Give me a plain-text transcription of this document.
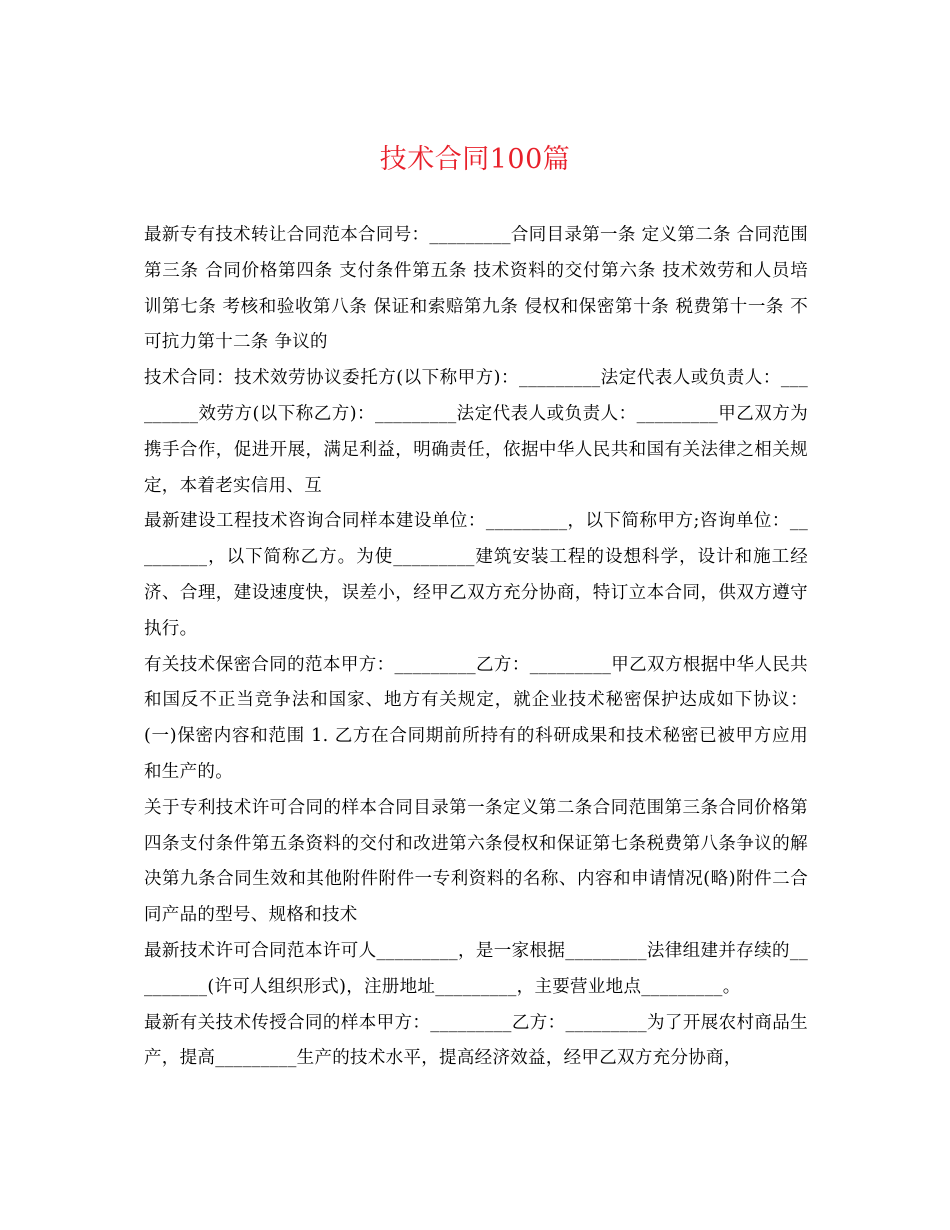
技术合同100篇

最新专有技术转让合同范本合同号：_________合同目录第一条 定义第二条 合同范围第三条 合同价格第四条 支付条件第五条 技术资料的交付第六条 技术效劳和人员培训第七条 考核和验收第八条 保证和索赔第九条 侵权和保密第十条 税费第十一条 不可抗力第十二条 争议的

技术合同：技术效劳协议委托方(以下称甲方)：_________法定代表人或负责人：_________效劳方(以下称乙方)：_________法定代表人或负责人：_________甲乙双方为携手合作，促进开展，满足利益，明确责任，依据中华人民共和国有关法律之相关规定，本着老实信用、互

最新建设工程技术咨询合同样本建设单位：_________，以下简称甲方;咨询单位：_________，以下简称乙方。为使_________建筑安装工程的设想科学，设计和施工经济、合理，建设速度快，误差小，经甲乙双方充分协商，特订立本合同，供双方遵守执行。

有关技术保密合同的范本甲方：_________乙方：_________甲乙双方根据中华人民共和国反不正当竞争法和国家、地方有关规定，就企业技术秘密保护达成如下协议：(一)保密内容和范围 1. 乙方在合同期前所持有的科研成果和技术秘密已被甲方应用和生产的。

关于专利技术许可合同的样本合同目录第一条定义第二条合同范围第三条合同价格第四条支付条件第五条资料的交付和改进第六条侵权和保证第七条税费第八条争议的解决第九条合同生效和其他附件附件一专利资料的名称、内容和申请情况(略)附件二合同产品的型号、规格和技术

最新技术许可合同范本许可人_________，是一家根据_________法律组建并存续的_________(许可人组织形式)，注册地址_________，主要营业地点_________。

最新有关技术传授合同的样本甲方：_________乙方：_________为了开展农村商品生产，提高_________生产的技术水平，提高经济效益，经甲乙双方充分协商，
